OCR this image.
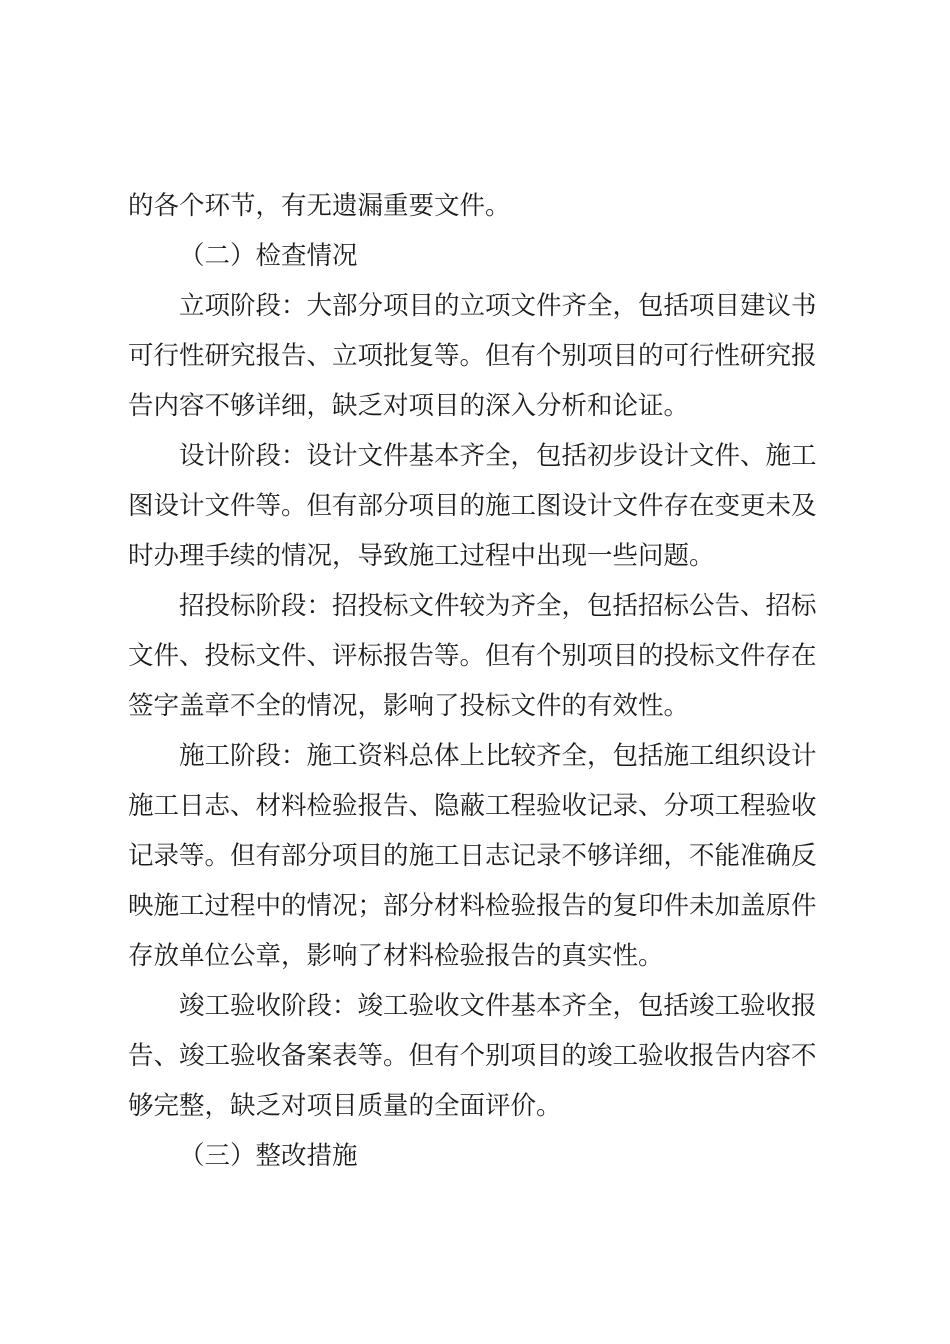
的各个环节，有无遗漏重要文件。

（二）检查情况

立项阶段：大部分项目的立项文件齐全，包括项目建议书
可行性研究报告、立项批复等。但有个别项目的可行性研究报
告内容不够详细，缺乏对项目的深入分析和论证。

设计阶段：设计文件基本齐全，包括初步设计文件、施工
图设计文件等。但有部分项目的施工图设计文件存在变更未及
时办理手续的情况，导致施工过程中出现一些问题。

招投标阶段：招投标文件较为齐全，包括招标公告、招标
文件、投标文件、评标报告等。但有个别项目的投标文件存在
签字盖章不全的情况，影响了投标文件的有效性。

施工阶段：施工资料总体上比较齐全，包括施工组织设计
施工日志、材料检验报告、隐蔽工程验收记录、分项工程验收
记录等。但有部分项目的施工日志记录不够详细，不能准确反
映施工过程中的情况；部分材料检验报告的复印件未加盖原件
存放单位公章，影响了材料检验报告的真实性。

竣工验收阶段：竣工验收文件基本齐全，包括竣工验收报
告、竣工验收备案表等。但有个别项目的竣工验收报告内容不
够完整，缺乏对项目质量的全面评价。

（三）整改措施
